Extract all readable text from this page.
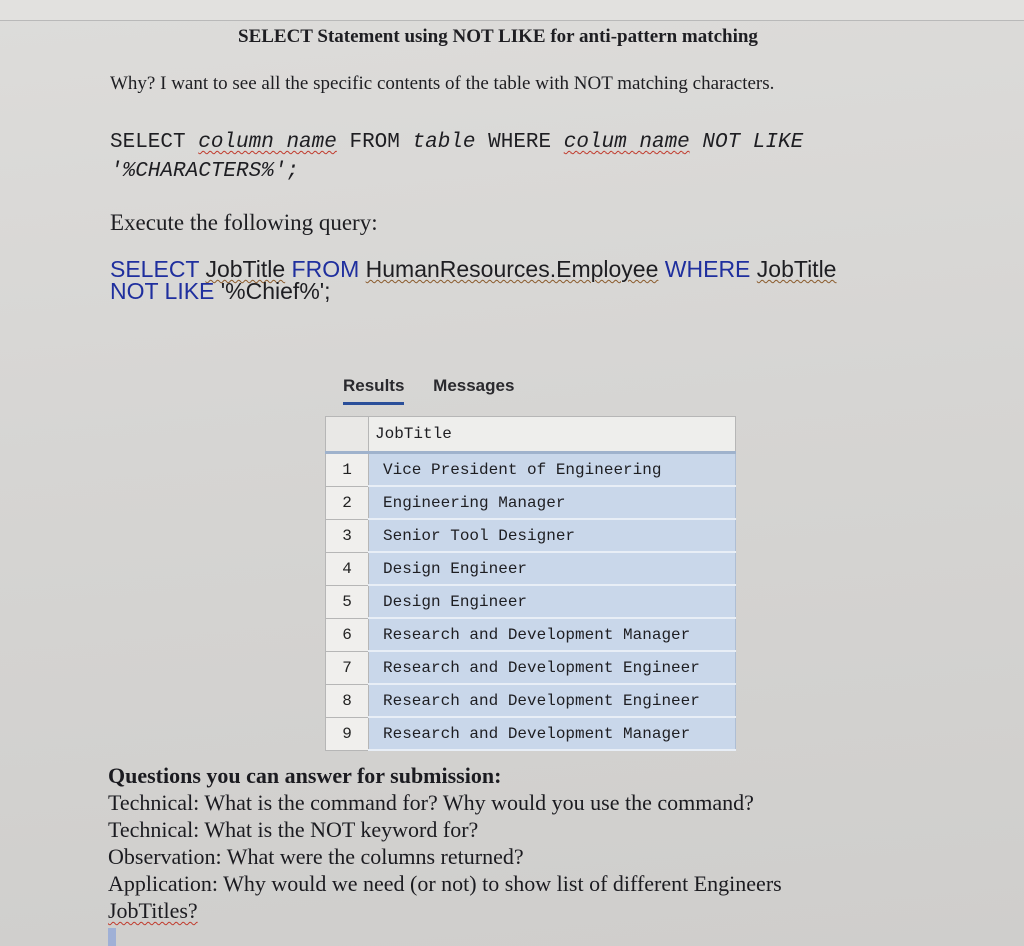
SELECT Statement using NOT LIKE for anti-pattern matching
Why? I want to see all the specific contents of the table with NOT matching characters.
SELECT column name FROM table WHERE colum name NOT LIKE
'%CHARACTERS%';
Execute the following query:
SELECT JobTitle FROM HumanResources.Employee WHERE JobTitle
NOT LIKE '%Chief%';
Results Messages
	JobTitle
1	Vice President of Engineering
2	Engineering Manager
3	Senior Tool Designer
4	Design Engineer
5	Design Engineer
6	Research and Development Manager
7	Research and Development Engineer
8	Research and Development Engineer
9	Research and Development Manager
Questions you can answer for submission:
Technical: What is the command for? Why would you use the command?
Technical: What is the NOT keyword for?
Observation: What were the columns returned?
Application: Why would we need (or not) to show list of different Engineers
JobTitles?
